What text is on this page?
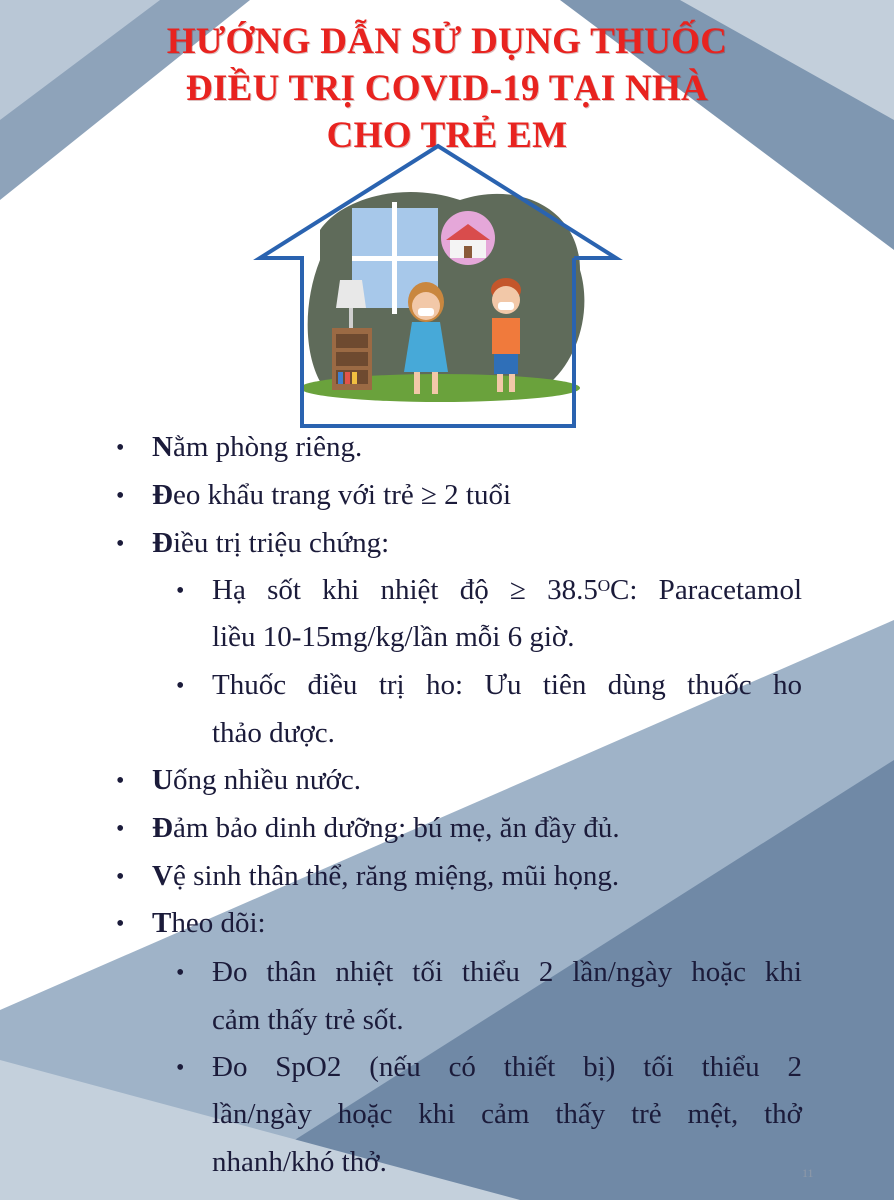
HƯỚNG DẪN SỬ DỤNG THUỐC
ĐIỀU TRỊ COVID-19 TẠI NHÀ
CHO TRẺ EM
• Nằm phòng riêng.
• Đeo khẩu trang với trẻ ≥ 2 tuổi
• Điều trị triệu chứng:
• Hạ sốt khi nhiệt độ ≥ 38.5ᴼC: Paracetamol
liều 10-15mg/kg/lần mỗi 6 giờ.
• Thuốc điều trị ho: Ưu tiên dùng thuốc ho
thảo dược.
• Uống nhiều nước.
• Đảm bảo dinh dưỡng: bú mẹ, ăn đầy đủ.
• Vệ sinh thân thể, răng miệng, mũi họng.
• Theo dõi:
• Đo thân nhiệt tối thiểu 2 lần/ngày hoặc khi
cảm thấy trẻ sốt.
• Đo SpO2 (nếu có thiết bị) tối thiểu 2
lần/ngày hoặc khi cảm thấy trẻ mệt, thở
nhanh/khó thở.	11
